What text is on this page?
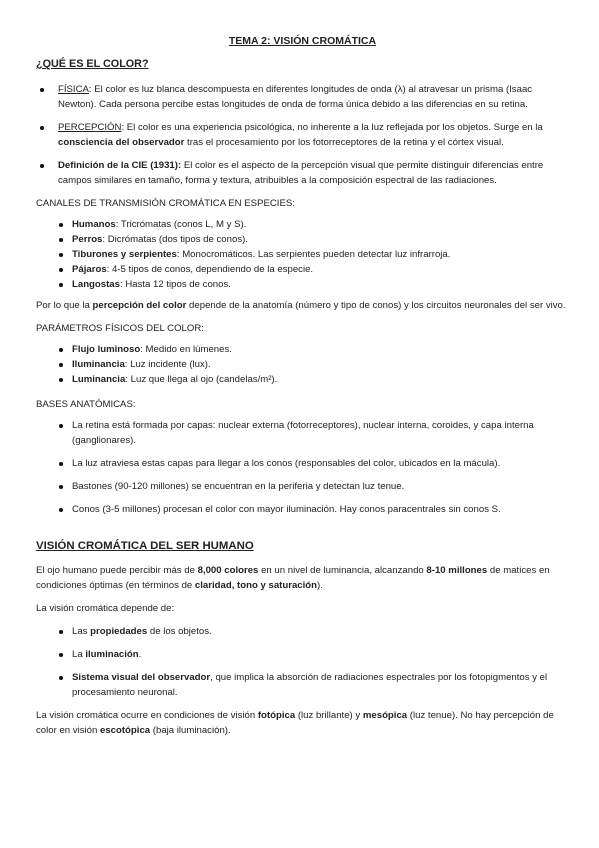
TEMA 2: VISIÓN CROMÁTICA
¿QUÉ ES EL COLOR?
FÍSICA: El color es luz blanca descompuesta en diferentes longitudes de onda (λ) al atravesar un prisma (Isaac Newton). Cada persona percibe estas longitudes de onda de forma única debido a las diferencias en su retina.
PERCEPCIÓN: El color es una experiencia psicológica, no inherente a la luz reflejada por los objetos. Surge en la consciencia del observador tras el procesamiento por los fotorreceptores de la retina y el córtex visual.
Definición de la CIE (1931): El color es el aspecto de la percepción visual que permite distinguir diferencias entre campos similares en tamaño, forma y textura, atribuibles a la composición espectral de las radiaciones.
CANALES DE TRANSMISIÓN CROMÁTICA EN ESPECIES:
Humanos: Tricrómatas (conos L, M y S).
Perros: Dicrómatas (dos tipos de conos).
Tiburones y serpientes: Monocromáticos. Las serpientes pueden detectar luz infrarroja.
Pájaros: 4-5 tipos de conos, dependiendo de la especie.
Langostas: Hasta 12 tipos de conos.

Por lo que la percepción del color depende de la anatomía (número y tipo de conos) y los circuitos neuronales del ser vivo.

PARÁMETROS FÍSICOS DEL COLOR:
Flujo luminoso: Medido en lúmenes.
Iluminancia: Luz incidente (lux).
Luminancia: Luz que llega al ojo (candelas/m²).
BASES ANATÓMICAS:
La retina está formada por capas: nuclear externa (fotorreceptores), nuclear interna, coroides, y capa interna (ganglionares).
La luz atraviesa estas capas para llegar a los conos (responsables del color, ubicados en la mácula).
Bastones (90-120 millones) se encuentran en la periferia y detectan luz tenue.
Conos (3-5 millones) procesan el color con mayor iluminación. Hay conos paracentrales sin conos S.
VISIÓN CROMÁTICA DEL SER HUMANO

El ojo humano puede percibir más de 8,000 colores en un nivel de luminancia, alcanzando 8-10 millones de matices en condiciones óptimas (en términos de claridad, tono y saturación).

La visión cromática depende de:

Las propiedades de los objetos.
La iluminación.
Sistema visual del observador, que implica la absorción de radiaciones espectrales por los fotopigmentos y el procesamiento neuronal.

La visión cromática ocurre en condiciones de visión fotópica (luz brillante) y mesópica (luz tenue). No hay percepción de color en visión escotópica (baja iluminación).
